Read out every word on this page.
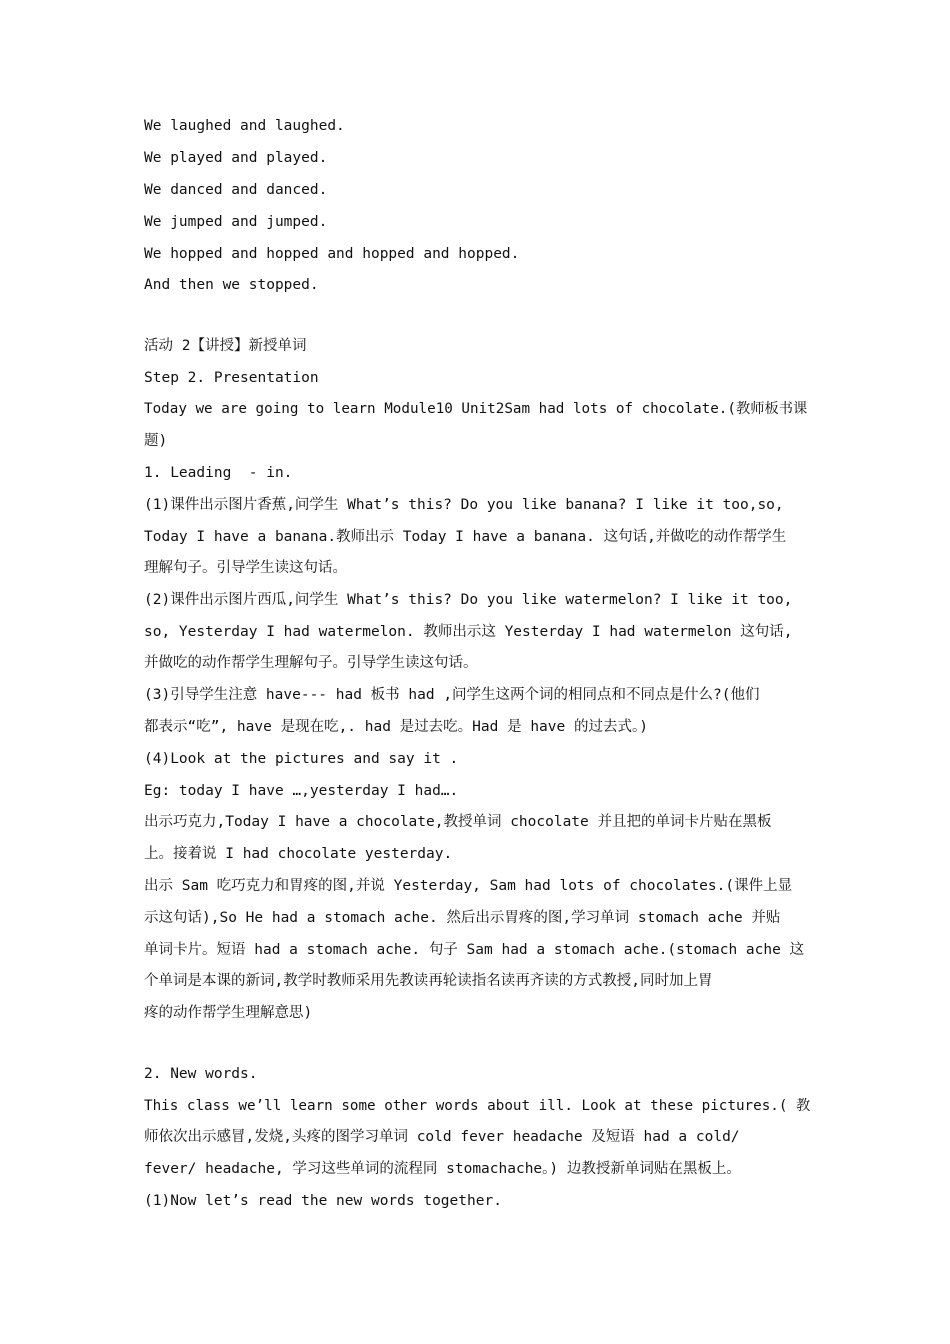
We laughed and laughed.
We played and played.
We danced and danced.
We jumped and jumped.
We hopped and hopped and hopped and hopped.
And then we stopped.
活动 2【讲授】新授单词
Step 2. Presentation
Today we are going to learn Module10 Unit2Sam had lots of chocolate.(教师板书课
题)
1. Leading  - in.
(1)课件出示图片香蕉,问学生 What’s this? Do you like banana? I like it too,so,
Today I have a banana.教师出示 Today I have a banana. 这句话,并做吃的动作帮学生
理解句子。引导学生读这句话。
(2)课件出示图片西瓜,问学生 What’s this? Do you like watermelon? I like it too,
so, Yesterday I had watermelon. 教师出示这 Yesterday I had watermelon 这句话,
并做吃的动作帮学生理解句子。引导学生读这句话。
(3)引导学生注意 have--- had 板书 had ,问学生这两个词的相同点和不同点是什么?(他们
都表示“吃”, have 是现在吃,. had 是过去吃。Had 是 have 的过去式。)
(4)Look at the pictures and say it .
Eg: today I have …,yesterday I had….
出示巧克力,Today I have a chocolate,教授单词 chocolate 并且把的单词卡片贴在黑板
上。接着说 I had chocolate yesterday.
出示 Sam 吃巧克力和胃疼的图,并说 Yesterday, Sam had lots of chocolates.(课件上显
示这句话),So He had a stomach ache. 然后出示胃疼的图,学习单词 stomach ache 并贴
单词卡片。短语 had a stomach ache. 句子 Sam had a stomach ache.(stomach ache 这
个单词是本课的新词,教学时教师采用先教读再轮读指名读再齐读的方式教授,同时加上胃
疼的动作帮学生理解意思)
2. New words.
This class we’ll learn some other words about ill. Look at these pictures.( 教
师依次出示感冒,发烧,头疼的图学习单词 cold fever headache 及短语 had a cold/
fever/ headache, 学习这些单词的流程同 stomachache。) 边教授新单词贴在黑板上。
(1)Now let’s read the new words together.
